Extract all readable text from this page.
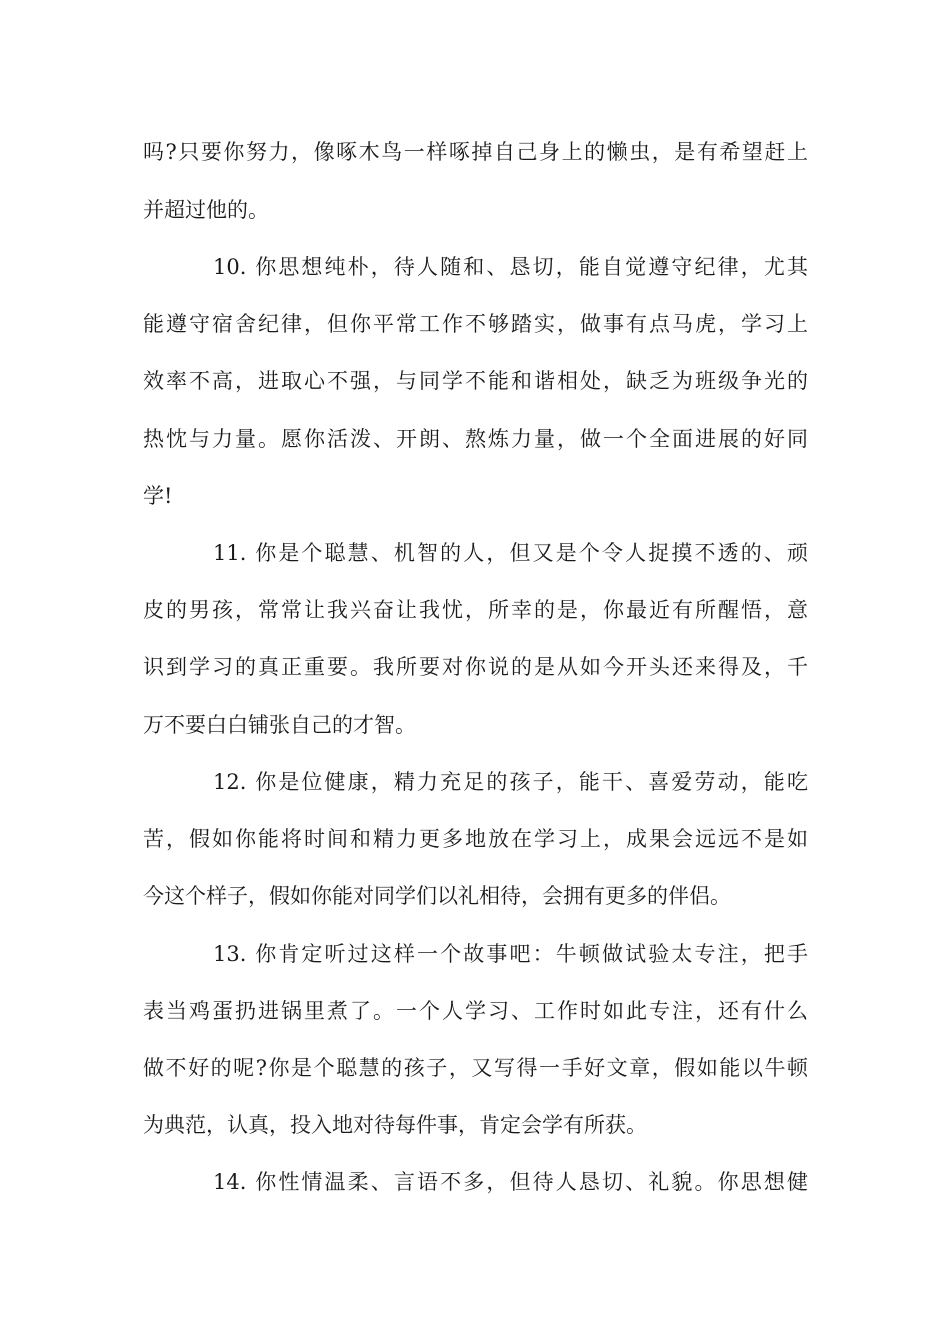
吗?只要你努力，像啄木鸟一样啄掉自己身上的懒虫，是有希望赶上
并超过他的。
10. 你思想纯朴，待人随和、恳切，能自觉遵守纪律，尤其
能遵守宿舍纪律，但你平常工作不够踏实，做事有点马虎，学习上
效率不高，进取心不强，与同学不能和谐相处，缺乏为班级争光的
热忱与力量。愿你活泼、开朗、熬炼力量，做一个全面进展的好同
学!
11. 你是个聪慧、机智的人，但又是个令人捉摸不透的、顽
皮的男孩，常常让我兴奋让我忧，所幸的是，你最近有所醒悟，意
识到学习的真正重要。我所要对你说的是从如今开头还来得及，千
万不要白白铺张自己的才智。
12. 你是位健康，精力充足的孩子，能干、喜爱劳动，能吃
苦，假如你能将时间和精力更多地放在学习上，成果会远远不是如
今这个样子，假如你能对同学们以礼相待，会拥有更多的伴侣。
13. 你肯定听过这样一个故事吧：牛顿做试验太专注，把手
表当鸡蛋扔进锅里煮了。一个人学习、工作时如此专注，还有什么
做不好的呢?你是个聪慧的孩子，又写得一手好文章，假如能以牛顿
为典范，认真，投入地对待每件事，肯定会学有所获。
14. 你性情温柔、言语不多，但待人恳切、礼貌。你思想健
